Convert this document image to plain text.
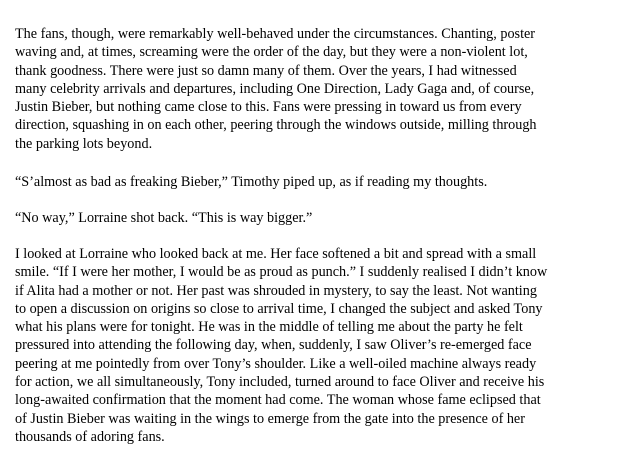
The fans, though, were remarkably well-behaved under the circumstances. Chanting, poster
waving and, at times, screaming were the order of the day, but they were a non-violent lot,
thank goodness. There were just so damn many of them. Over the years, I had witnessed
many celebrity arrivals and departures, including One Direction, Lady Gaga and, of course,
Justin Bieber, but nothing came close to this. Fans were pressing in toward us from every
direction, squashing in on each other, peering through the windows outside, milling through
the parking lots beyond.

“S’almost as bad as freaking Bieber,” Timothy piped up, as if reading my thoughts.

“No way,” Lorraine shot back. “This is way bigger.”

I looked at Lorraine who looked back at me. Her face softened a bit and spread with a small
smile. “If I were her mother, I would be as proud as punch.” I suddenly realised I didn’t know
if Alita had a mother or not. Her past was shrouded in mystery, to say the least. Not wanting
to open a discussion on origins so close to arrival time, I changed the subject and asked Tony
what his plans were for tonight. He was in the middle of telling me about the party he felt
pressured into attending the following day, when, suddenly, I saw Oliver’s re-emerged face
peering at me pointedly from over Tony’s shoulder. Like a well-oiled machine always ready
for action, we all simultaneously, Tony included, turned around to face Oliver and receive his
long-awaited confirmation that the moment had come. The woman whose fame eclipsed that
of Justin Bieber was waiting in the wings to emerge from the gate into the presence of her
thousands of adoring fans.
